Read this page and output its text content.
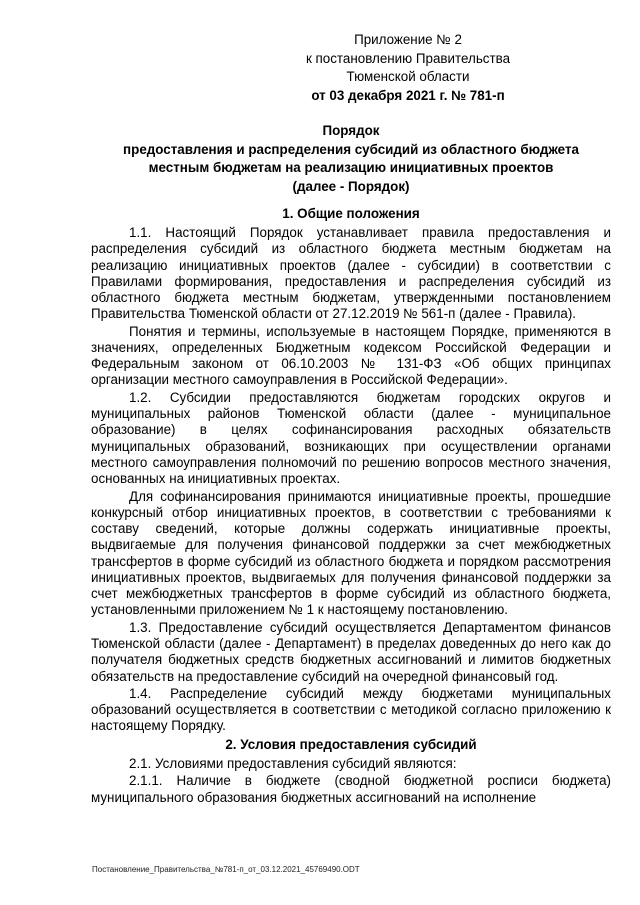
Приложение № 2
к постановлению Правительства
Тюменской области
от 03 декабря 2021 г. № 781-п
Порядок
предоставления и распределения субсидий из областного бюджета
местным бюджетам на реализацию инициативных проектов
(далее - Порядок)
1. Общие положения

1.1. Настоящий Порядок устанавливает правила предоставления и распределения субсидий из областного бюджета местным бюджетам на реализацию инициативных проектов (далее - субсидии) в соответствии с Правилами формирования, предоставления и распределения субсидий из областного бюджета местным бюджетам, утвержденными постановлением Правительства Тюменской области от 27.12.2019 № 561-п (далее - Правила).

Понятия и термины, используемые в настоящем Порядке, применяются в значениях, определенных Бюджетным кодексом Российской Федерации и Федеральным законом от 06.10.2003 № 131-ФЗ «Об общих принципах организации местного самоуправления в Российской Федерации».

1.2. Субсидии предоставляются бюджетам городских округов и муниципальных районов Тюменской области (далее - муниципальное образование) в целях софинансирования расходных обязательств муниципальных образований, возникающих при осуществлении органами местного самоуправления полномочий по решению вопросов местного значения, основанных на инициативных проектах.

Для софинансирования принимаются инициативные проекты, прошедшие конкурсный отбор инициативных проектов, в соответствии с требованиями к составу сведений, которые должны содержать инициативные проекты, выдвигаемые для получения финансовой поддержки за счет межбюджетных трансфертов в форме субсидий из областного бюджета и порядком рассмотрения инициативных проектов, выдвигаемых для получения финансовой поддержки за счет межбюджетных трансфертов в форме субсидий из областного бюджета, установленными приложением № 1 к настоящему постановлению.

1.3. Предоставление субсидий осуществляется Департаментом финансов Тюменской области (далее - Департамент) в пределах доведенных до него как до получателя бюджетных средств бюджетных ассигнований и лимитов бюджетных обязательств на предоставление субсидий на очередной финансовый год.

1.4. Распределение субсидий между бюджетами муниципальных образований осуществляется в соответствии с методикой согласно приложению к настоящему Порядку.

2. Условия предоставления субсидий

2.1. Условиями предоставления субсидий являются:

2.1.1. Наличие в бюджете (сводной бюджетной росписи бюджета) муниципального образования бюджетных ассигнований на исполнение

Постановление_Правительства_№781-п_от_03.12.2021_45769490.ODT
